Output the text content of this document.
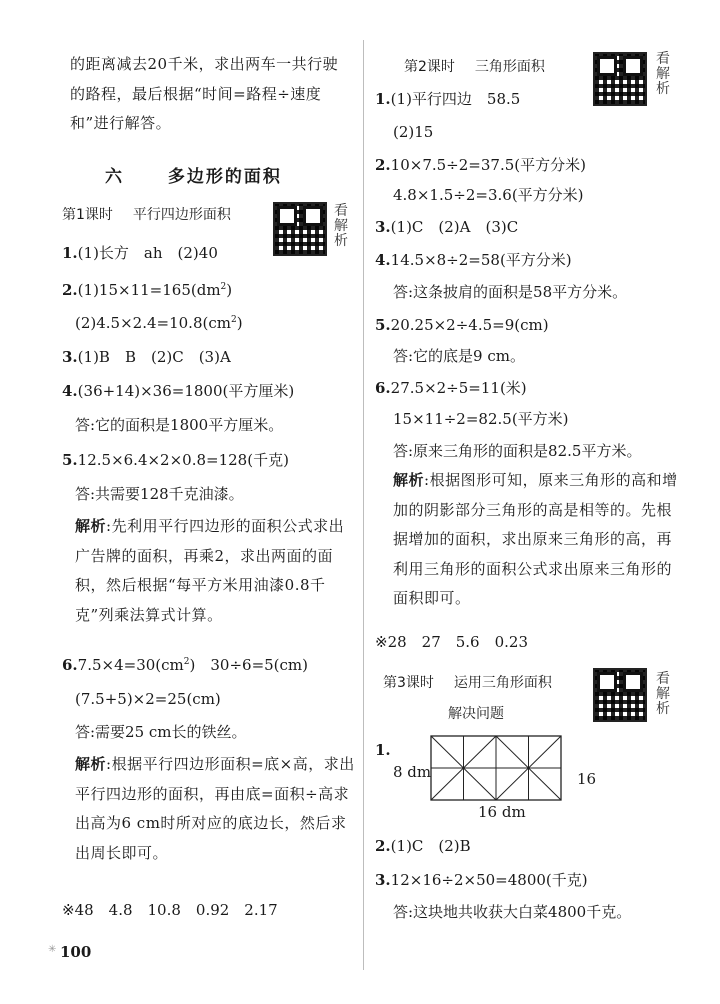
的距离减去20千米，求出两车一共行驶的路程，最后根据“时间=路程÷速度和”进行解答。
六	多边形的面积
第1课时 平行四边形面积	看解析
1.(1)长方　ah　(2)40
$2.(1)15\times 11=165(dm^2)$
$(2)4.5\times 2.4=10.8(cm^2)$
3.(1)B　B　(2)C　(3)A
4.(36+14)×36=1800(平方厘米)
答:它的面积是1800平方厘米。
5.12.5×6.4×2×0.8=128(千克)
答:共需要128千克油漆。
解析:先利用平行四边形的面积公式求出广告牌的面积，再乘2，求出两面的面积，然后根据“每平方米用油漆0.8千克”列乘法算式计算。
$6.7.5\times 4=30(cm^2)$　30÷6=5(cm)
(7.5+5)×2=25(cm)
答:需要25 cm长的铁丝。
解析:根据平行四边形面积=底×高，求出平行四边形的面积，再由底=面积÷高求出高为6 cm时所对应的底边长，然后求出周长即可。
※48　4.8　10.8　0.92　2.17
✳ 100
第2课时 三角形面积	看解析
1.(1)平行四边　58.5
(2)15
2.10×7.5÷2=37.5(平方分米)
4.8×1.5÷2=3.6(平方分米)
3.(1)C　(2)A　(3)C
4.14.5×8÷2=58(平方分米)
答:这条披肩的面积是58平方分米。
5.20.25×2÷4.5=9(cm)
答:它的底是9 cm。
6.27.5×2÷5=11(米)
15×11÷2=82.5(平方米)
答:原来三角形的面积是82.5平方米。
解析:根据图形可知，原来三角形的高和增加的阴影部分三角形的高是相等的。先根据增加的面积，求出原来三角形的高，再利用三角形的面积公式求出原来三角形的面积即可。
※28　27　5.6　0.23
第3课时 运用三角形面积
解决问题
看解析
1.
8 dm	16
16 dm
2.(1)C　(2)B
3.12×16÷2×50=4800(千克)
答:这块地共收获大白菜4800千克。
